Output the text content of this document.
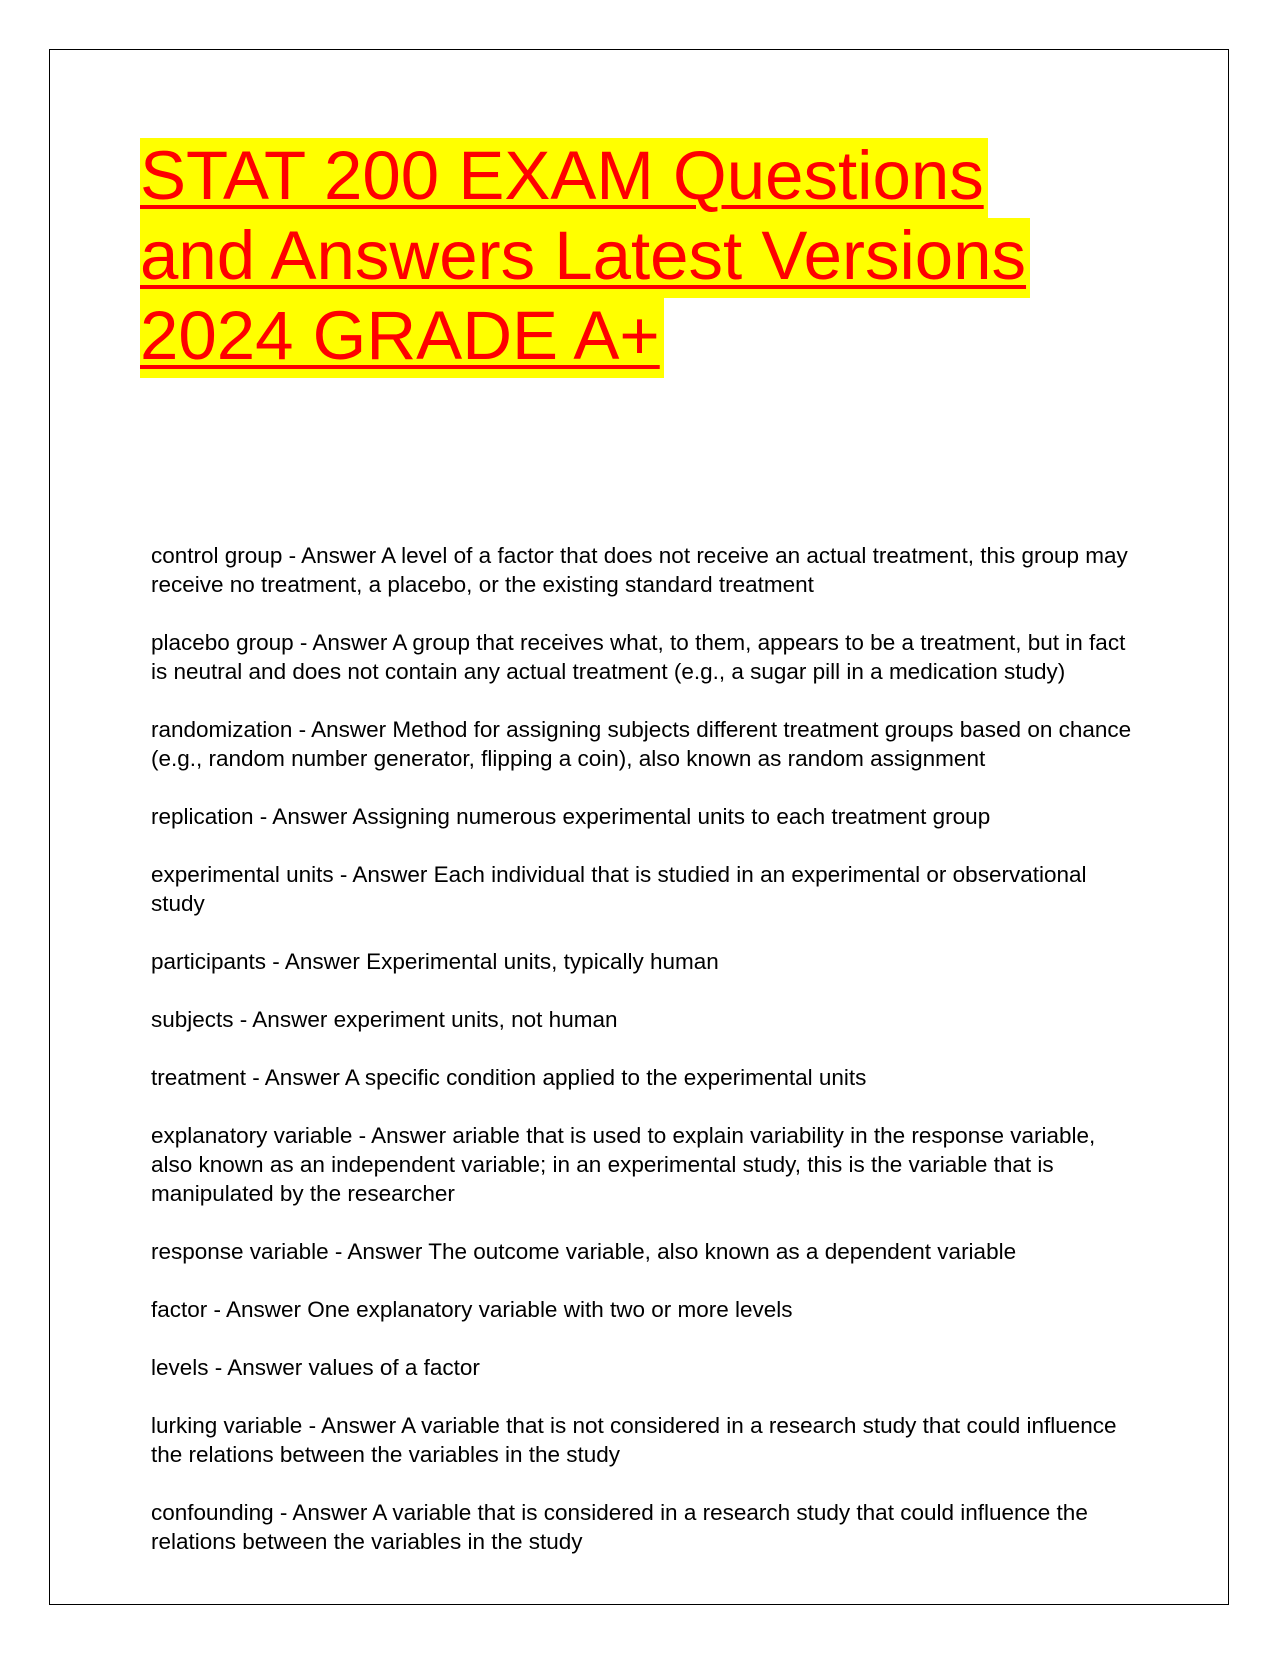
STAT 200 EXAM Questions
and Answers Latest Versions
2024 GRADE A+

control group - Answer A level of a factor that does not receive an actual treatment, this group may receive no treatment, a placebo, or the existing standard treatment

placebo group - Answer A group that receives what, to them, appears to be a treatment, but in fact is neutral and does not contain any actual treatment (e.g., a sugar pill in a medication study)

randomization - Answer Method for assigning subjects different treatment groups based on chance (e.g., random number generator, flipping a coin), also known as random assignment

replication - Answer Assigning numerous experimental units to each treatment group

experimental units - Answer Each individual that is studied in an experimental or observational study

participants - Answer Experimental units, typically human

subjects - Answer experiment units, not human

treatment - Answer A specific condition applied to the experimental units

explanatory variable - Answer ariable that is used to explain variability in the response variable, also known as an independent variable; in an experimental study, this is the variable that is manipulated by the researcher

response variable - Answer The outcome variable, also known as a dependent variable

factor - Answer One explanatory variable with two or more levels

levels - Answer values of a factor

lurking variable - Answer A variable that is not considered in a research study that could influence the relations between the variables in the study

confounding - Answer A variable that is considered in a research study that could influence the relations between the variables in the study
